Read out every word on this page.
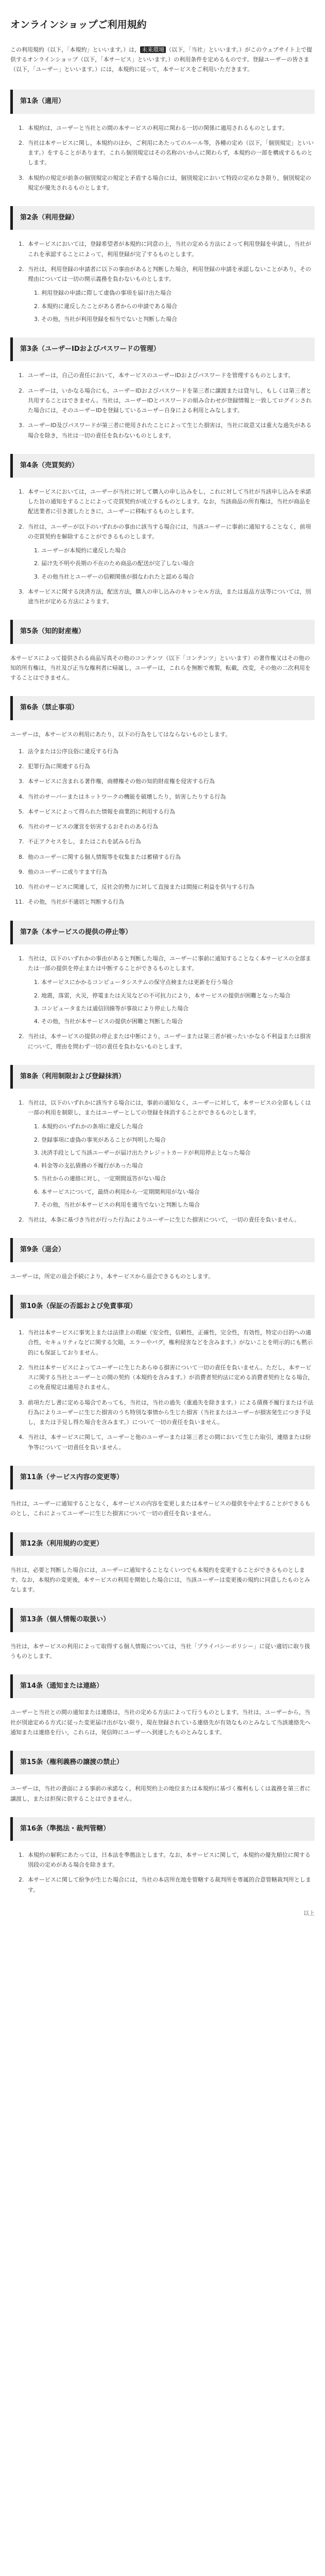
オンラインショップご利用規約

この利用規約（以下，「本規約」といいます。）は， 未来環境 （以下，「当社」といいます。）がこのウェブサイト上で提供するオンラインショップ（以下，「本サービス」といいます。）の利用条件を定めるものです。登録ユーザーの皆さま（以下，「ユーザー」といいます。）には，本規約に従って，本サービスをご利用いただきます。

第1条（適用）
1. 本規約は，ユーザーと当社との間の本サービスの利用に関わる一切の関係に適用されるものとします。
2. 当社は本サービスに関し，本規約のほか，ご利用にあたってのルール等，各種の定め（以下，「個別規定」といいます。）をすることがあります。これら個別規定はその名称のいかんに関わらず，本規約の一部を構成するものとします。
3. 本規約の規定が前条の個別規定の規定と矛盾する場合には，個別規定において特段の定めなき限り，個別規定の規定が優先されるものとします。
第2条（利用登録）
1. 本サービスにおいては，登録希望者が本規約に同意の上，当社の定める方法によって利用登録を申請し，当社がこれを承認することによって，利用登録が完了するものとします。
2. 当社は，利用登録の申請者に以下の事由があると判断した場合，利用登録の申請を承認しないことがあり，その理由については一切の開示義務を負わないものとします。
1. 利用登録の申請に際して虚偽の事項を届け出た場合
2. 本規約に違反したことがある者からの申請である場合
3. その他，当社が利用登録を相当でないと判断した場合
第3条（ユーザーIDおよびパスワードの管理）
1. ユーザーは，自己の責任において，本サービスのユーザーIDおよびパスワードを管理するものとします。
2. ユーザーは，いかなる場合にも，ユーザーIDおよびパスワードを第三者に譲渡または貸与し，もしくは第三者と共用することはできません。当社は，ユーザーIDとパスワードの組み合わせが登録情報と一致してログインされた場合には，そのユーザーIDを登録しているユーザー自身による利用とみなします。
3. ユーザーID及びパスワードが第三者に使用されたことによって生じた損害は，当社に故意又は重大な過失がある場合を除き，当社は一切の責任を負わないものとします。
第4条（売買契約）
1. 本サービスにおいては，ユーザーが当社に対して購入の申し込みをし，これに対して当社が当該申し込みを承諾した旨の通知をすることによって売買契約が成立するものとします。なお，当該商品の所有権は，当社が商品を配送業者に引き渡したときに，ユーザーに移転するものとします。
2. 当社は，ユーザーが以下のいずれかの事由に該当する場合には，当該ユーザーに事前に通知することなく，前項の売買契約を解除することができるものとします。
1. ユーザーが本規約に違反した場合
2. 届け先不明や長期の不在のため商品の配送が完了しない場合
3. その他当社とユーザーの信頼関係が損なわれたと認める場合
3. 本サービスに関する決済方法，配送方法，購入の申し込みのキャンセル方法，または返品方法等については，別途当社が定める方法によります。
第5条（知的財産権）

本サービスによって提供される商品写真その他のコンテンツ（以下「コンテンツ」といいます）の著作権又はその他の知的所有権は，当社及び正当な権利者に帰属し，ユーザーは，これらを無断で複製，転載，改変，その他の二次利用をすることはできません。

第6条（禁止事項）

ユーザーは，本サービスの利用にあたり，以下の行為をしてはならないものとします。

1. 法令または公序良俗に違反する行為
2. 犯罪行為に関連する行為
3. 本サービスに含まれる著作権，商標権その他の知的財産権を侵害する行為
4. 当社のサーバーまたはネットワークの機能を破壊したり，妨害したりする行為
5. 本サービスによって得られた情報を商業的に利用する行為
6. 当社のサービスの運営を妨害するおそれのある行為
7. 不正アクセスをし，またはこれを試みる行為
8. 他のユーザーに関する個人情報等を収集または蓄積する行為
9. 他のユーザーに成りすます行為
10. 当社のサービスに関連して，反社会的勢力に対して直接または間接に利益を供与する行為
11. その他，当社が不適切と判断する行為
第7条（本サービスの提供の停止等）
1. 当社は，以下のいずれかの事由があると判断した場合，ユーザーに事前に通知することなく本サービスの全部または一部の提供を停止または中断することができるものとします。
1. 本サービスにかかるコンピュータシステムの保守点検または更新を行う場合
2. 地震，落雷，火災，停電または天災などの不可抗力により，本サービスの提供が困難となった場合
3. コンピュータまたは通信回線等が事故により停止した場合
4. その他，当社が本サービスの提供が困難と判断した場合
2. 当社は，本サービスの提供の停止または中断により，ユーザーまたは第三者が被ったいかなる不利益または損害について，理由を問わず一切の責任を負わないものとします。
第8条（利用制限および登録抹消）
1. 当社は，以下のいずれかに該当する場合には，事前の通知なく，ユーザーに対して，本サービスの全部もしくは一部の利用を制限し，またはユーザーとしての登録を抹消することができるものとします。
1. 本規約のいずれかの条項に違反した場合
2. 登録事項に虚偽の事実があることが判明した場合
3. 決済手段として当該ユーザーが届け出たクレジットカードが利用停止となった場合
4. 料金等の支払債務の不履行があった場合
5. 当社からの連絡に対し，一定期間返答がない場合
6. 本サービスについて，最終の利用から一定期間利用がない場合
7. その他，当社が本サービスの利用を適当でないと判断した場合
2. 当社は，本条に基づき当社が行った行為によりユーザーに生じた損害について，一切の責任を負いません。
第9条（退会）

ユーザーは，所定の退会手続により，本サービスから退会できるものとします。

第10条（保証の否認および免責事項）
1. 当社は本サービスに事実上または法律上の瑕疵（安全性，信頼性，正確性，完全性，有効性，特定の目的への適合性，セキュリティなどに関する欠陥，エラーやバグ，権利侵害などを含みます。）がないことを明示的にも黙示的にも保証しておりません。
2. 当社は本サービスによってユーザーに生じたあらゆる損害について一切の責任を負いません。ただし，本サービスに関する当社とユーザーとの間の契約（本規約を含みます。）が消費者契約法に定める消費者契約となる場合，この免責規定は適用されません。
3. 前項ただし書に定める場合であっても，当社は，当社の過失（重過失を除きます。）による債務不履行または不法行為によりユーザーに生じた損害のうち特別な事情から生じた損害（当社またはユーザーが損害発生につき予見し，または予見し得た場合を含みます。）について一切の責任を負いません。
4. 当社は，本サービスに関して，ユーザーと他のユーザーまたは第三者との間において生じた取引，連絡または紛争等について一切責任を負いません。
第11条（サービス内容の変更等）

当社は，ユーザーに通知することなく，本サービスの内容を変更しまたは本サービスの提供を中止することができるものとし，これによってユーザーに生じた損害について一切の責任を負いません。

第12条（利用規約の変更）

当社は，必要と判断した場合には，ユーザーに通知することなくいつでも本規約を変更することができるものとします。なお，本規約の変更後，本サービスの利用を開始した場合には，当該ユーザーは変更後の規約に同意したものとみなします。

第13条（個人情報の取扱い）

当社は，本サービスの利用によって取得する個人情報については，当社「プライバシーポリシー」に従い適切に取り扱うものとします。

第14条（通知または連絡）

ユーザーと当社との間の通知または連絡は，当社の定める方法によって行うものとします。当社は，ユーザーから，当社が別途定める方式に従った変更届け出がない限り，現在登録されている連絡先が有効なものとみなして当該連絡先へ通知または連絡を行い，これらは，発信時にユーザーへ到達したものとみなします。

第15条（権利義務の譲渡の禁止）

ユーザーは，当社の書面による事前の承諾なく，利用契約上の地位または本規約に基づく権利もしくは義務を第三者に譲渡し，または担保に供することはできません。

第16条（準拠法・裁判管轄）
1. 本規約の解釈にあたっては，日本法を準拠法とします。なお，本サービスに関して，本規約の優先順位に関する別段の定めがある場合を除きます。
2. 本サービスに関して紛争が生じた場合には，当社の本店所在地を管轄する裁判所を専属的合意管轄裁判所とします。
以上
